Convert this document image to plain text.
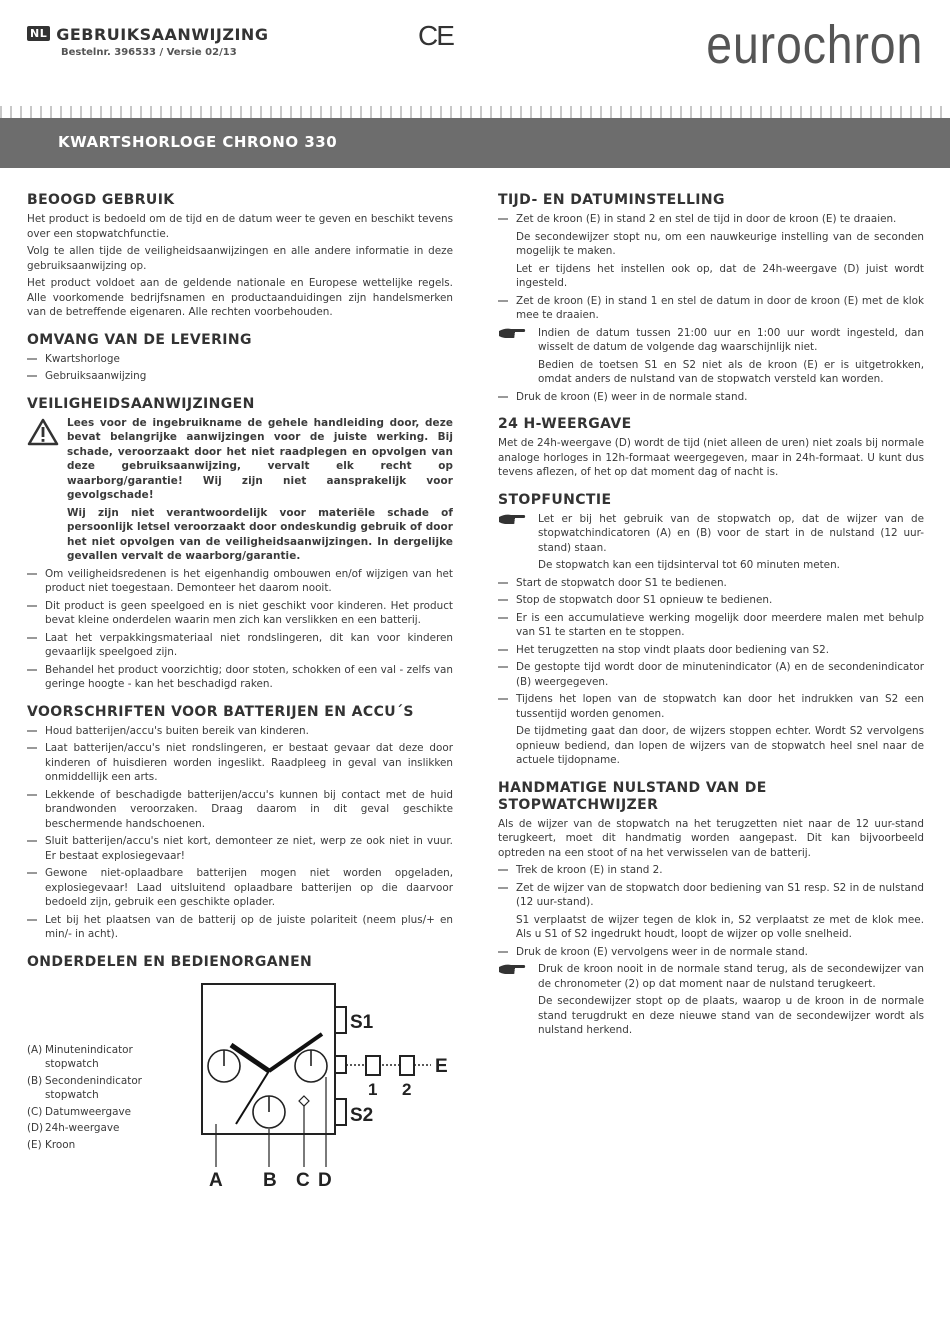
NL GEBRUIKSAANWIJZING
Bestelnr. 396533 / Versie 02/13
CE	eurochron
KWARTSHORLOGE CHRONO 330
BEOOGD GEBRUIK

Het product is bedoeld om de tijd en de datum weer te geven en beschikt tevens over een stopwatchfunctie.

Volg te allen tijde de veiligheidsaanwijzingen en alle andere informatie in deze gebruiksaanwijzing op.

Het product voldoet aan de geldende nationale en Europese wettelijke regels. Alle voorkomende bedrijfsnamen en productaanduidingen zijn handelsmerken van de betreffende eigenaren. Alle rechten voorbehouden.

OMVANG VAN DE LEVERING
Kwartshorloge
Gebruiksaanwijzing
VEILIGHEIDSAANWIJZINGEN
Lees voor de ingebruikname de gehele handleiding door, deze bevat belangrijke aanwijzingen voor de juiste werking. Bij schade, veroorzaakt door het niet raadplegen en opvolgen van deze gebruiksaanwijzing, vervalt elk recht op waarborg/garantie! Wij zijn niet aansprakelijk voor gevolgschade!
Wij zijn niet verantwoordelijk voor materiële schade of persoonlijk letsel veroorzaakt door ondeskundig gebruik of door het niet opvolgen van de veiligheidsaanwijzingen. In dergelijke gevallen vervalt de waarborg/garantie.
Om veiligheidsredenen is het eigenhandig ombouwen en/of wijzigen van het product niet toegestaan. Demonteer het daarom nooit.
Dit product is geen speelgoed en is niet geschikt voor kinderen. Het product bevat kleine onderdelen waarin men zich kan verslikken en een batterij.
Laat het verpakkingsmateriaal niet rondslingeren, dit kan voor kinderen gevaarlijk speelgoed zijn.
Behandel het product voorzichtig; door stoten, schokken of een val - zelfs van geringe hoogte - kan het beschadigd raken.
VOORSCHRIFTEN VOOR BATTERIJEN EN ACCU´S
Houd batterijen/accu's buiten bereik van kinderen.
Laat batterijen/accu's niet rondslingeren, er bestaat gevaar dat deze door kinderen of huisdieren worden ingeslikt. Raadpleeg in geval van inslikken onmiddellijk een arts.
Lekkende of beschadigde batterijen/accu's kunnen bij contact met de huid brandwonden veroorzaken. Draag daarom in dit geval geschikte beschermende handschoenen.
Sluit batterijen/accu's niet kort, demonteer ze niet, werp ze ook niet in vuur. Er bestaat explosiegevaar!
Gewone niet-oplaadbare batterijen mogen niet worden opgeladen, explosiegevaar! Laad uitsluitend oplaadbare batterijen op die daarvoor bedoeld zijn, gebruik een geschikte oplader.
Let bij het plaatsen van de batterij op de juiste polariteit (neem plus/+ en min/- in acht).
ONDERDELEN EN BEDIENORGANEN
(A) Minutenindicator stopwatch
(B) Secondenindicator stopwatch
(C) Datumweergave
(D) 24h-weergave
(E) Kroon
S1
S2
E
1 2
A B C D
TIJD- EN DATUMINSTELLING
Zet de kroon (E) in stand 2 en stel de tijd in door de kroon (E) te draaien.
De secondewijzer stopt nu, om een nauwkeurige instelling van de seconden mogelijk te maken.
Let er tijdens het instellen ook op, dat de 24h-weergave (D) juist wordt ingesteld.
Zet de kroon (E) in stand 1 en stel de datum in door de kroon (E) met de klok mee te draaien.
Indien de datum tussen 21:00 uur en 1:00 uur wordt ingesteld, dan wisselt de datum de volgende dag waarschijnlijk niet.
Bedien de toetsen S1 en S2 niet als de kroon (E) er is uitgetrokken, omdat anders de nulstand van de stopwatch versteld kan worden.
Druk de kroon (E) weer in de normale stand.
24 H-WEERGAVE

Met de 24h-weergave (D) wordt de tijd (niet alleen de uren) niet zoals bij normale analoge horloges in 12h-formaat weergegeven, maar in 24h-formaat. U kunt dus tevens aflezen, of het op dat moment dag of nacht is.

STOPFUNCTIE
Let er bij het gebruik van de stopwatch op, dat de wijzer van de stopwatchindicatoren (A) en (B) voor de start in de nulstand (12 uur-stand) staan.
De stopwatch kan een tijdsinterval tot 60 minuten meten.
Start de stopwatch door S1 te bedienen.
Stop de stopwatch door S1 opnieuw te bedienen.
Er is een accumulatieve werking mogelijk door meerdere malen met behulp van S1 te starten en te stoppen.
Het terugzetten na stop vindt plaats door bediening van S2.
De gestopte tijd wordt door de minutenindicator (A) en de secondenindicator (B) weergegeven.
Tijdens het lopen van de stopwatch kan door het indrukken van S2 een tussentijd worden genomen.
De tijdmeting gaat dan door, de wijzers stoppen echter. Wordt S2 vervolgens opnieuw bediend, dan lopen de wijzers van de stopwatch heel snel naar de actuele tijdopname.
HANDMATIGE NULSTAND VAN DE STOPWATCHWIJZER

Als de wijzer van de stopwatch na het terugzetten niet naar de 12 uur-stand terugkeert, moet dit handmatig worden aangepast. Dit kan bijvoorbeeld optreden na een stoot of na het verwisselen van de batterij.

Trek de kroon (E) in stand 2.
Zet de wijzer van de stopwatch door bediening van S1 resp. S2 in de nulstand (12 uur-stand).
S1 verplaatst de wijzer tegen de klok in, S2 verplaatst ze met de klok mee. Als u S1 of S2 ingedrukt houdt, loopt de wijzer op volle snelheid.
Druk de kroon (E) vervolgens weer in de normale stand.
Druk de kroon nooit in de normale stand terug, als de secondewijzer van de chronometer (2) op dat moment naar de nulstand terugkeert.
De secondewijzer stopt op de plaats, waarop u de kroon in de normale stand terugdrukt en deze nieuwe stand van de secondewijzer wordt als nulstand herkend.
